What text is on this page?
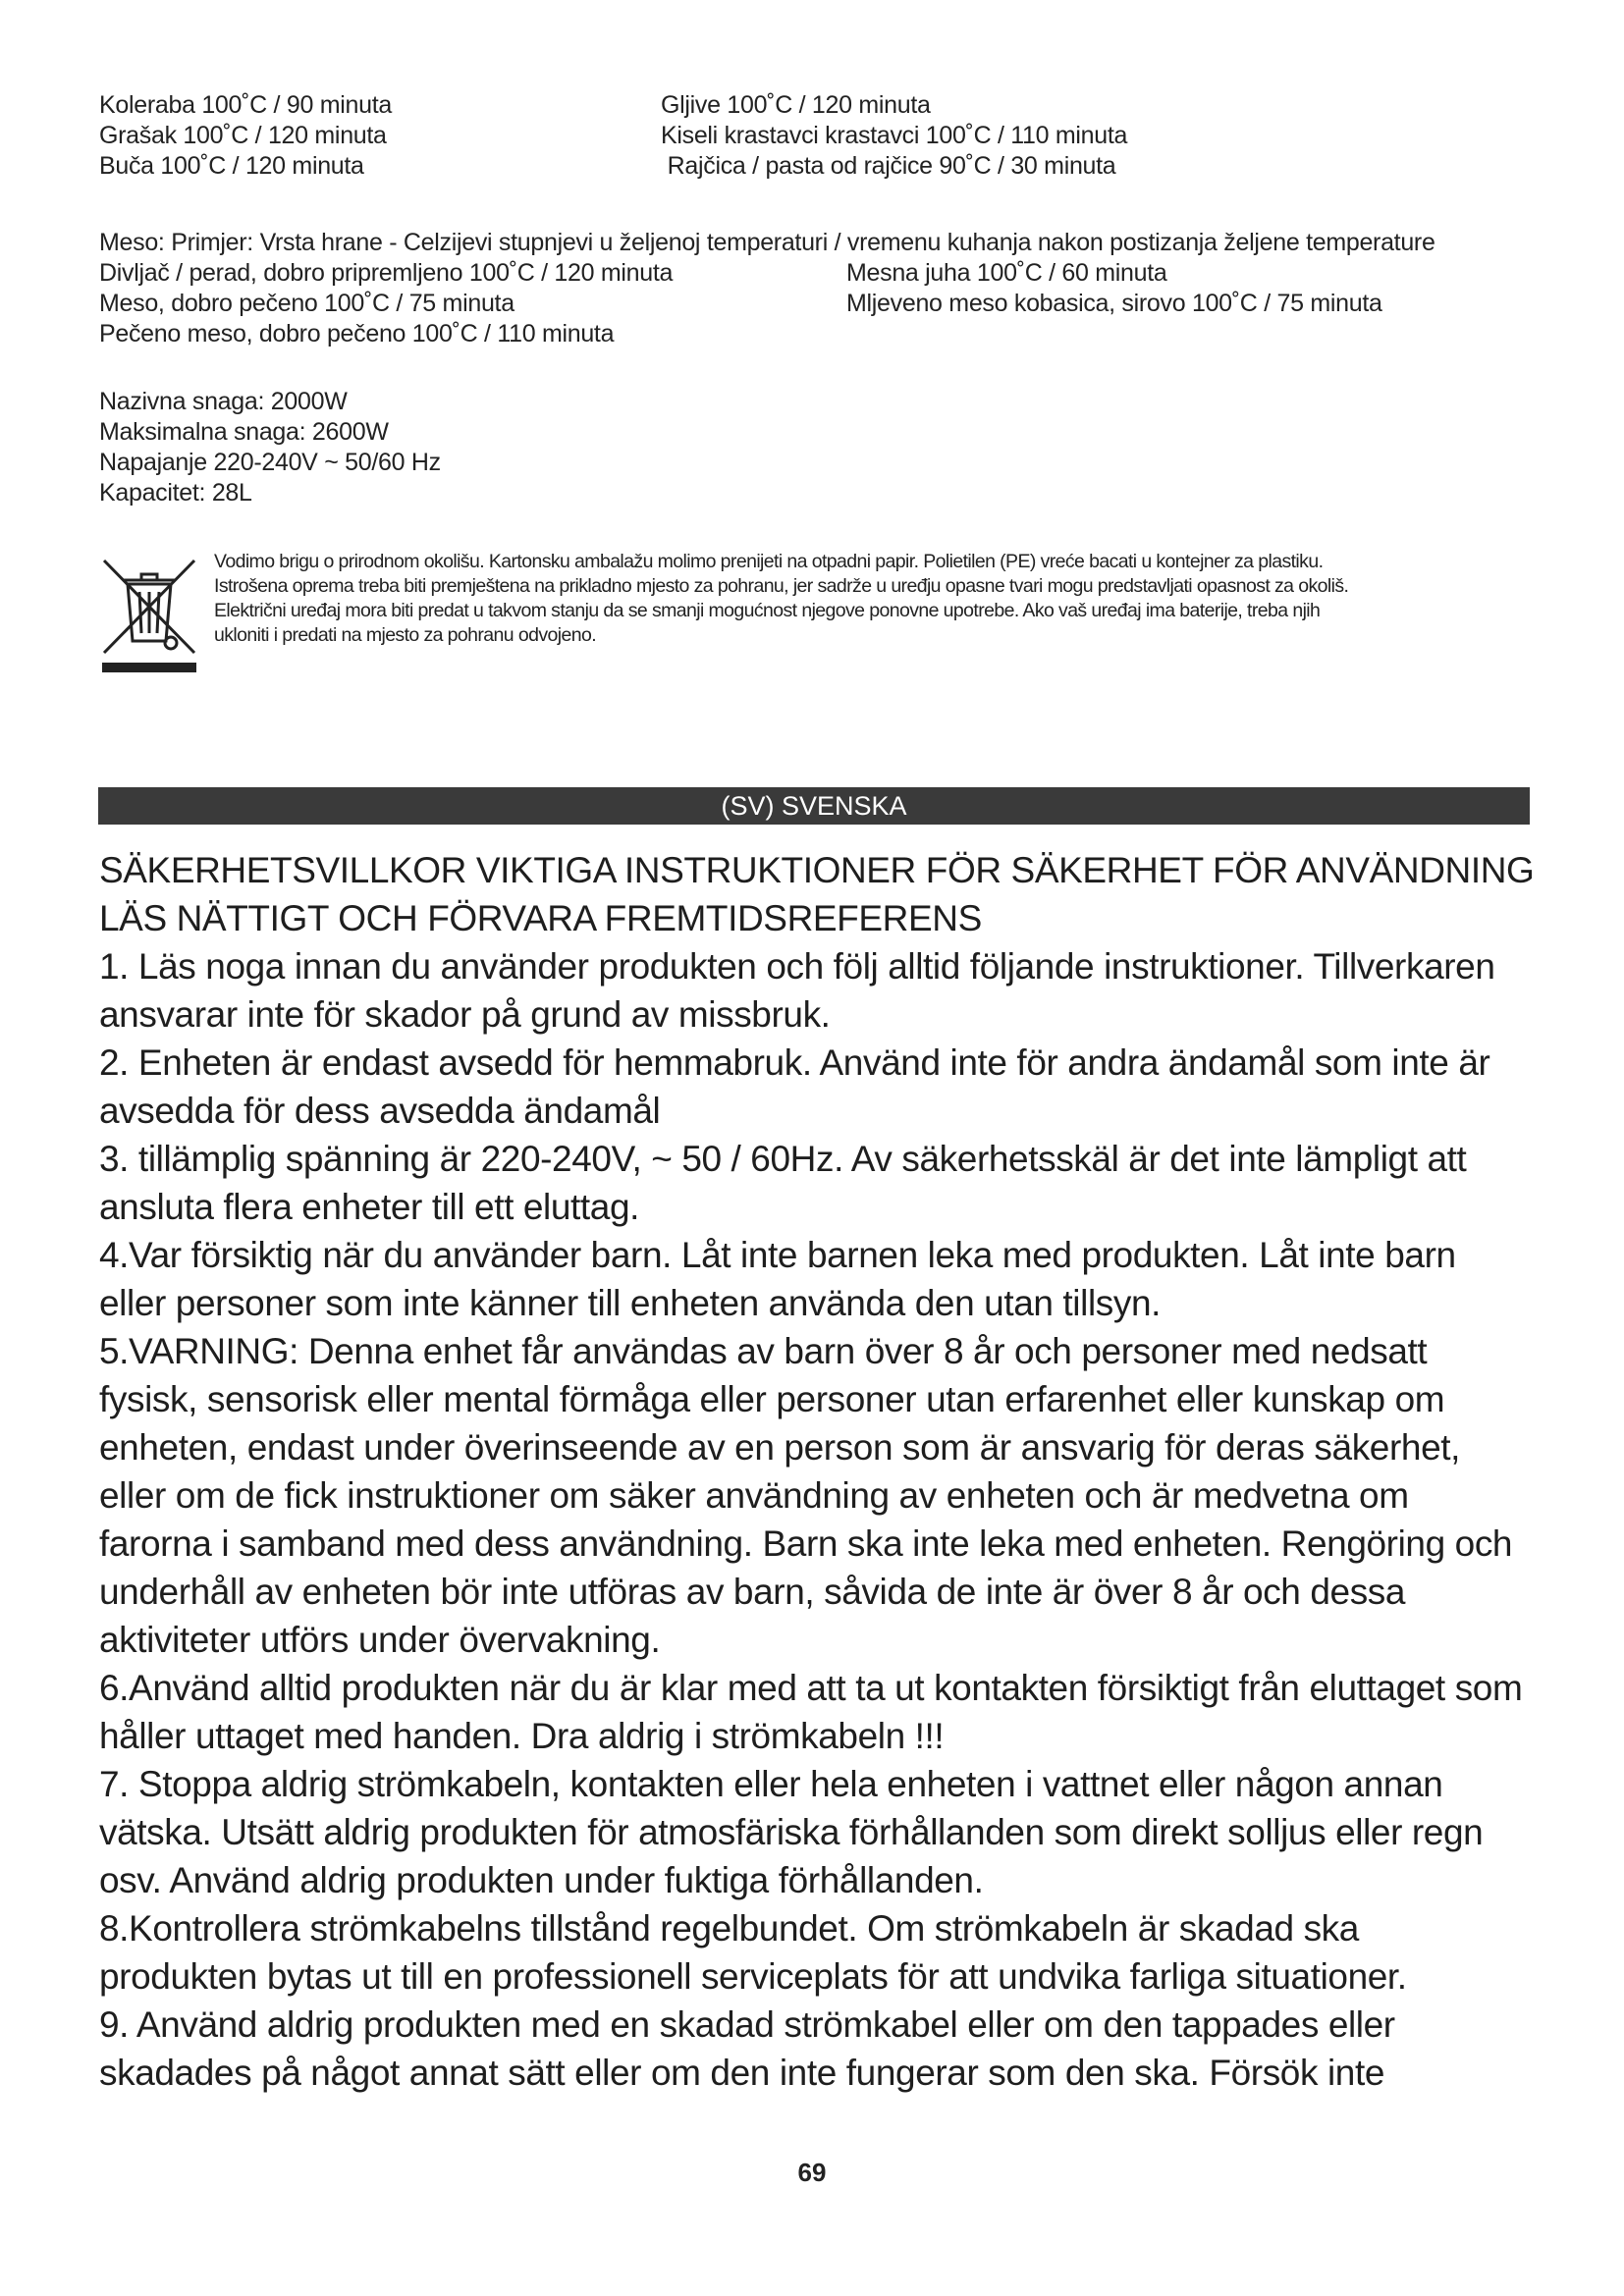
Koleraba 100˚C / 90 minuta
Grašak 100˚C / 120 minuta
Buča 100˚C / 120 minuta
Gljive 100˚C / 120 minuta
Kiseli krastavci krastavci 100˚C / 110 minuta
Rajčica / pasta od rajčice 90˚C / 30 minuta
Meso: Primjer: Vrsta hrane - Celzijevi stupnjevi u željenoj temperaturi / vremenu kuhanja nakon postizanja željene temperature
Divljač / perad, dobro pripremljeno 100˚C / 120 minuta	Mesna juha 100˚C / 60 minuta
Meso, dobro pečeno 100˚C / 75 minuta	Mljeveno meso kobasica, sirovo 100˚C / 75 minuta
Pečeno meso, dobro pečeno 100˚C / 110 minuta
Nazivna snaga: 2000W
Maksimalna snaga: 2600W
Napajanje 220-240V ~ 50/60 Hz
Kapacitet: 28L
Vodimo brigu o prirodnom okolišu. Kartonsku ambalažu molimo prenijeti na otpadni papir. Polietilen (PE) vreće bacati u kontejner za plastiku.
Istrošena oprema treba biti premještena na prikladno mjesto za pohranu, jer sadrže u uređju opasne tvari mogu predstavljati opasnost za okoliš.
Električni uređaj mora biti predat u takvom stanju da se smanji mogućnost njegove ponovne upotrebe. Ako vaš uređaj ima baterije, treba njih
ukloniti i predati na mjesto za pohranu odvojeno.
(SV) SVENSKA
SÄKERHETSVILLKOR VIKTIGA INSTRUKTIONER FÖR SÄKERHET FÖR ANVÄNDNING
LÄS NÄTTIGT OCH FÖRVARA FREMTIDSREFERENS
1. Läs noga innan du använder produkten och följ alltid följande instruktioner. Tillverkaren
ansvarar inte för skador på grund av missbruk.
2. Enheten är endast avsedd för hemmabruk. Använd inte för andra ändamål som inte är
avsedda för dess avsedda ändamål
3. tillämplig spänning är 220-240V, ~ 50 / 60Hz. Av säkerhetsskäl är det inte lämpligt att
ansluta flera enheter till ett eluttag.
4.Var försiktig när du använder barn. Låt inte barnen leka med produkten. Låt inte barn
eller personer som inte känner till enheten använda den utan tillsyn.
5.VARNING: Denna enhet får användas av barn över 8 år och personer med nedsatt
fysisk, sensorisk eller mental förmåga eller personer utan erfarenhet eller kunskap om
enheten, endast under överinseende av en person som är ansvarig för deras säkerhet,
eller om de fick instruktioner om säker användning av enheten och är medvetna om
farorna i samband med dess användning. Barn ska inte leka med enheten. Rengöring och
underhåll av enheten bör inte utföras av barn, såvida de inte är över 8 år och dessa
aktiviteter utförs under övervakning.
6.Använd alltid produkten när du är klar med att ta ut kontakten försiktigt från eluttaget som
håller uttaget med handen. Dra aldrig i strömkabeln !!!
7. Stoppa aldrig strömkabeln, kontakten eller hela enheten i vattnet eller någon annan
vätska. Utsätt aldrig produkten för atmosfäriska förhållanden som direkt solljus eller regn
osv. Använd aldrig produkten under fuktiga förhållanden.
8.Kontrollera strömkabelns tillstånd regelbundet. Om strömkabeln är skadad ska
produkten bytas ut till en professionell serviceplats för att undvika farliga situationer.
9. Använd aldrig produkten med en skadad strömkabel eller om den tappades eller
skadades på något annat sätt eller om den inte fungerar som den ska. Försök inte
69
